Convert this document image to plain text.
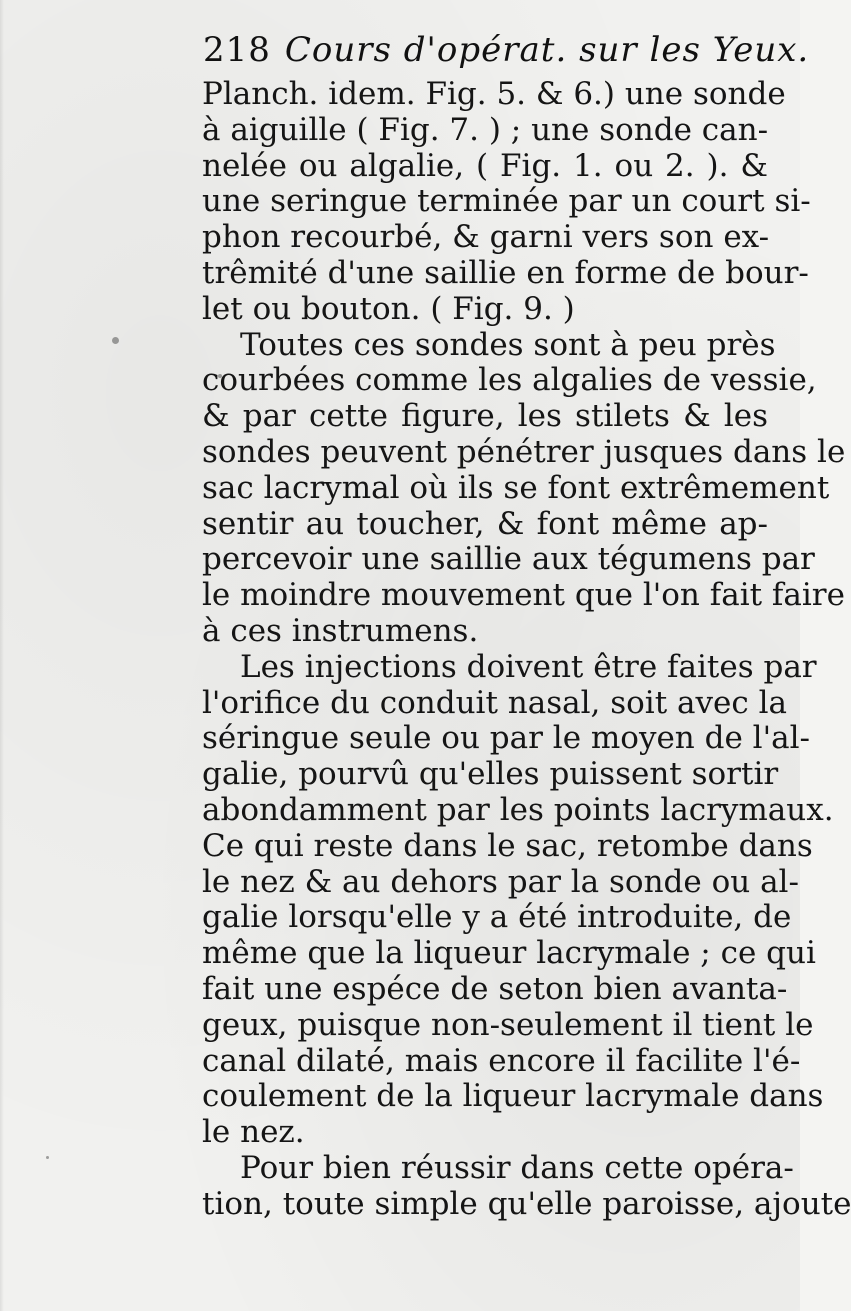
218 Cours d'opérat. sur les Yeux.
Planch. idem. Fig. 5. & 6.) une sonde
à aiguille ( Fig. 7. ) ; une sonde can-
nelée ou algalie, ( Fig. 1. ou 2. ). &
une seringue terminée par un court si-
phon recourbé, & garni vers son ex-
trêmité d'une saillie en forme de bour-
let ou bouton. ( Fig. 9. )
Toutes ces sondes sont à peu près
courbées comme les algalies de vessie,
& par cette figure, les stilets & les
sondes peuvent pénétrer jusques dans le
sac lacrymal où ils se font extrêmement
sentir au toucher, & font même ap-
percevoir une saillie aux tégumens par
le moindre mouvement que l'on fait faire
à ces instrumens.
Les injections doivent être faites par
l'orifice du conduit nasal, soit avec la
séringue seule ou par le moyen de l'al-
galie, pourvû qu'elles puissent sortir
abondamment par les points lacrymaux.
Ce qui reste dans le sac, retombe dans
le nez & au dehors par la sonde ou al-
galie lorsqu'elle y a été introduite, de
même que la liqueur lacrymale ; ce qui
fait une espéce de seton bien avanta-
geux, puisque non-seulement il tient le
canal dilaté, mais encore il facilite l'é-
coulement de la liqueur lacrymale dans
le nez.
Pour bien réussir dans cette opéra-
tion, toute simple qu'elle paroisse, ajoute
